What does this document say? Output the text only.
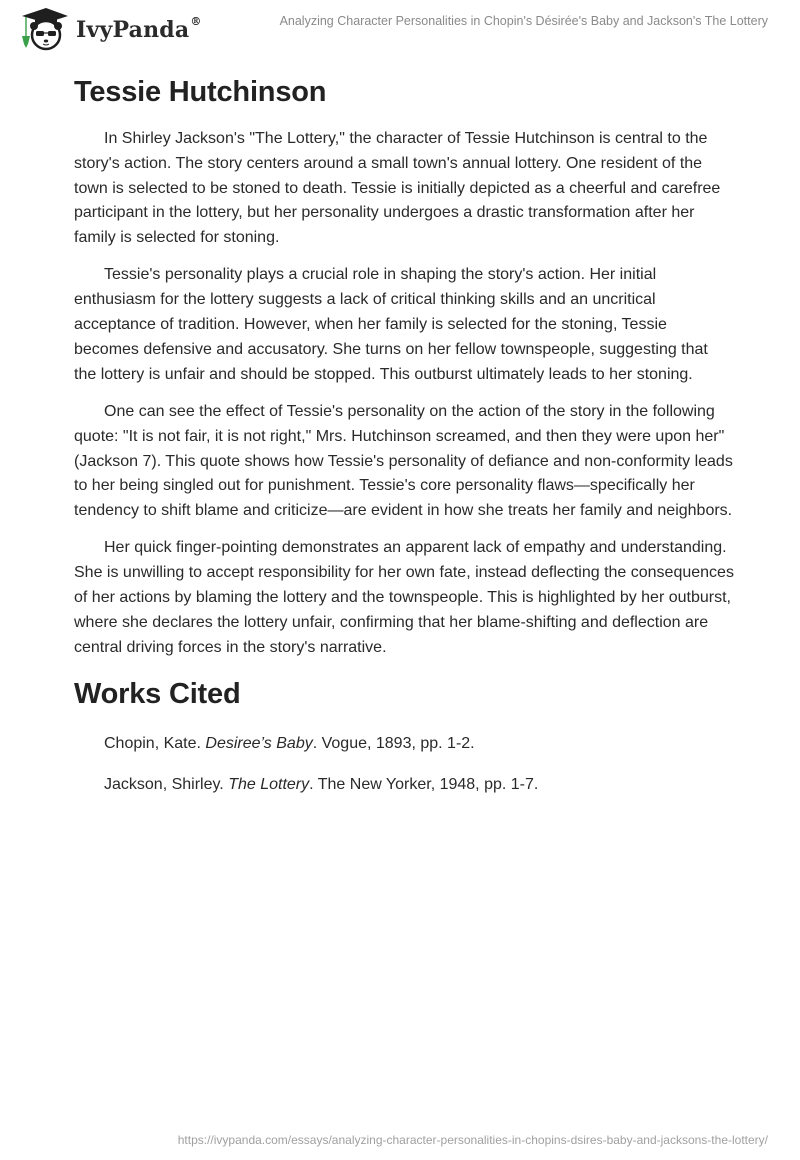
IvyPanda®	Analyzing Character Personalities in Chopin's Désirée's Baby and Jackson's The Lottery
Tessie Hutchinson

In Shirley Jackson's "The Lottery," the character of Tessie Hutchinson is central to the story's action. The story centers around a small town's annual lottery. One resident of the town is selected to be stoned to death. Tessie is initially depicted as a cheerful and carefree participant in the lottery, but her personality undergoes a drastic transformation after her family is selected for stoning.

Tessie's personality plays a crucial role in shaping the story's action. Her initial enthusiasm for the lottery suggests a lack of critical thinking skills and an uncritical acceptance of tradition. However, when her family is selected for the stoning, Tessie becomes defensive and accusatory. She turns on her fellow townspeople, suggesting that the lottery is unfair and should be stopped. This outburst ultimately leads to her stoning.

One can see the effect of Tessie's personality on the action of the story in the following quote: "It is not fair, it is not right," Mrs. Hutchinson screamed, and then they were upon her" (Jackson 7). This quote shows how Tessie's personality of defiance and non-conformity leads to her being singled out for punishment. Tessie's core personality flaws—specifically her tendency to shift blame and criticize—are evident in how she treats her family and neighbors.

Her quick finger-pointing demonstrates an apparent lack of empathy and understanding. She is unwilling to accept responsibility for her own fate, instead deflecting the consequences of her actions by blaming the lottery and the townspeople. This is highlighted by her outburst, where she declares the lottery unfair, confirming that her blame-shifting and deflection are central driving forces in the story's narrative.

Works Cited
Chopin, Kate. Desiree’s Baby. Vogue, 1893, pp. 1-2.
Jackson, Shirley. The Lottery. The New Yorker, 1948, pp. 1-7.
https://ivypanda.com/essays/analyzing-character-personalities-in-chopins-dsires-baby-and-jacksons-the-lottery/
